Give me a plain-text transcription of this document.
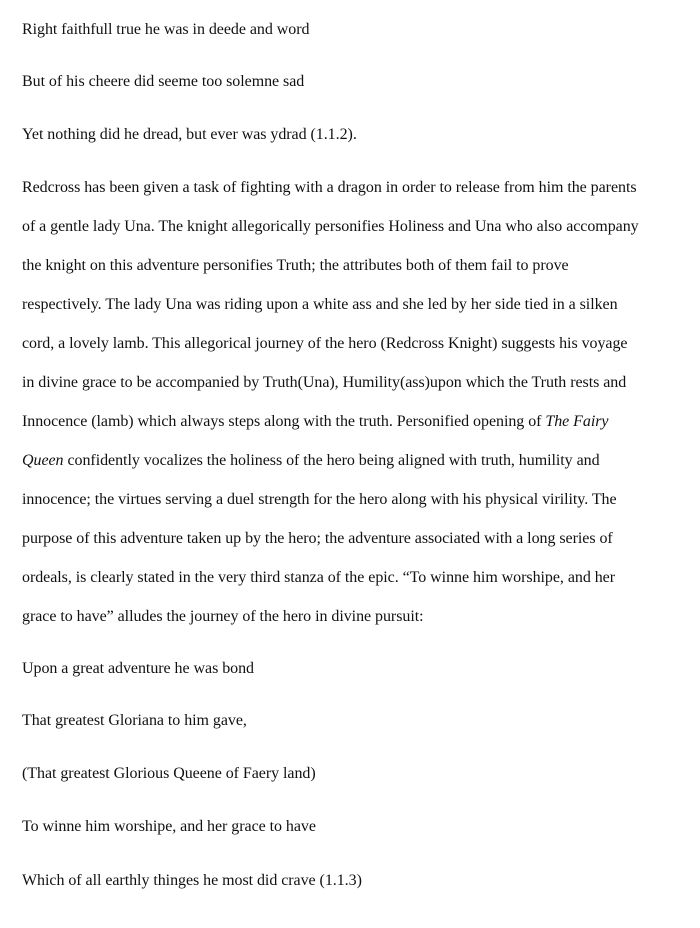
Right faithfull true he was in deede and word
But of his cheere did seeme too solemne sad
Yet nothing did he dread, but ever was ydrad (1.1.2).
Redcross has been given a task of fighting with a dragon in order to release from him the parents
of a gentle lady Una. The knight allegorically personifies Holiness and Una who also accompany
the knight on this adventure personifies Truth; the attributes both of them fail to prove
respectively. The lady Una was riding upon a white ass and she led by her side tied in a silken
cord, a lovely lamb. This allegorical journey of the hero (Redcross Knight) suggests his voyage
in divine grace to be accompanied by Truth(Una), Humility(ass)upon which the Truth rests and
Innocence (lamb) which always steps along with the truth. Personified opening of The Fairy
Queen confidently vocalizes the holiness of the hero being aligned with truth, humility and
innocence; the virtues serving a duel strength for the hero along with his physical virility. The
purpose of this adventure taken up by the hero; the adventure associated with a long series of
ordeals, is clearly stated in the very third stanza of the epic. “To winne him worshipe, and her
grace to have” alludes the journey of the hero in divine pursuit:
Upon a great adventure he was bond
That greatest Gloriana to him gave,
(That greatest Glorious Queene of Faery land)
To winne him worshipe, and her grace to have
Which of all earthly thinges he most did crave (1.1.3)
